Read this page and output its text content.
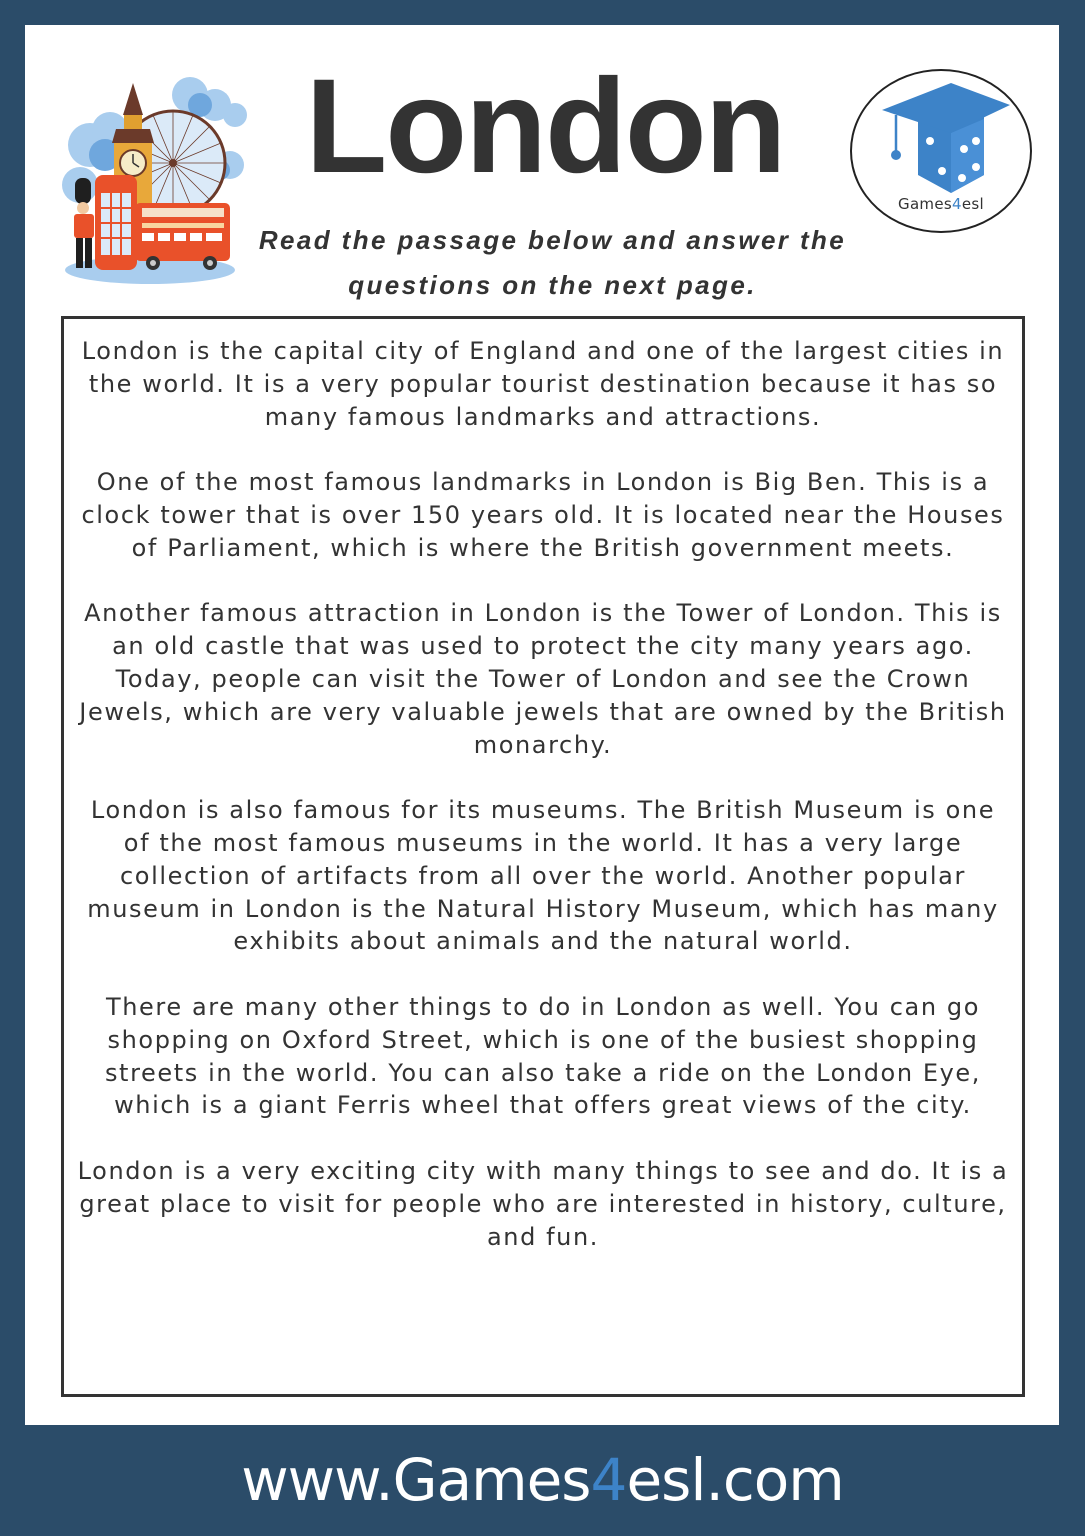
London
Games4esl
Read the passage below and answer the questions on the next page.

London is the capital city of England and one of the largest cities in the world. It is a very popular tourist destination because it has so many famous landmarks and attractions.

One of the most famous landmarks in London is Big Ben. This is a clock tower that is over 150 years old. It is located near the Houses of Parliament, which is where the British government meets.

Another famous attraction in London is the Tower of London. This is an old castle that was used to protect the city many years ago. Today, people can visit the Tower of London and see the Crown Jewels, which are very valuable jewels that are owned by the British monarchy.

London is also famous for its museums. The British Museum is one of the most famous museums in the world. It has a very large collection of artifacts from all over the world. Another popular museum in London is the Natural History Museum, which has many exhibits about animals and the natural world.

There are many other things to do in London as well. You can go shopping on Oxford Street, which is one of the busiest shopping streets in the world. You can also take a ride on the London Eye, which is a giant Ferris wheel that offers great views of the city.

London is a very exciting city with many things to see and do. It is a great place to visit for people who are interested in history, culture, and fun.

www.Games4esl.com
